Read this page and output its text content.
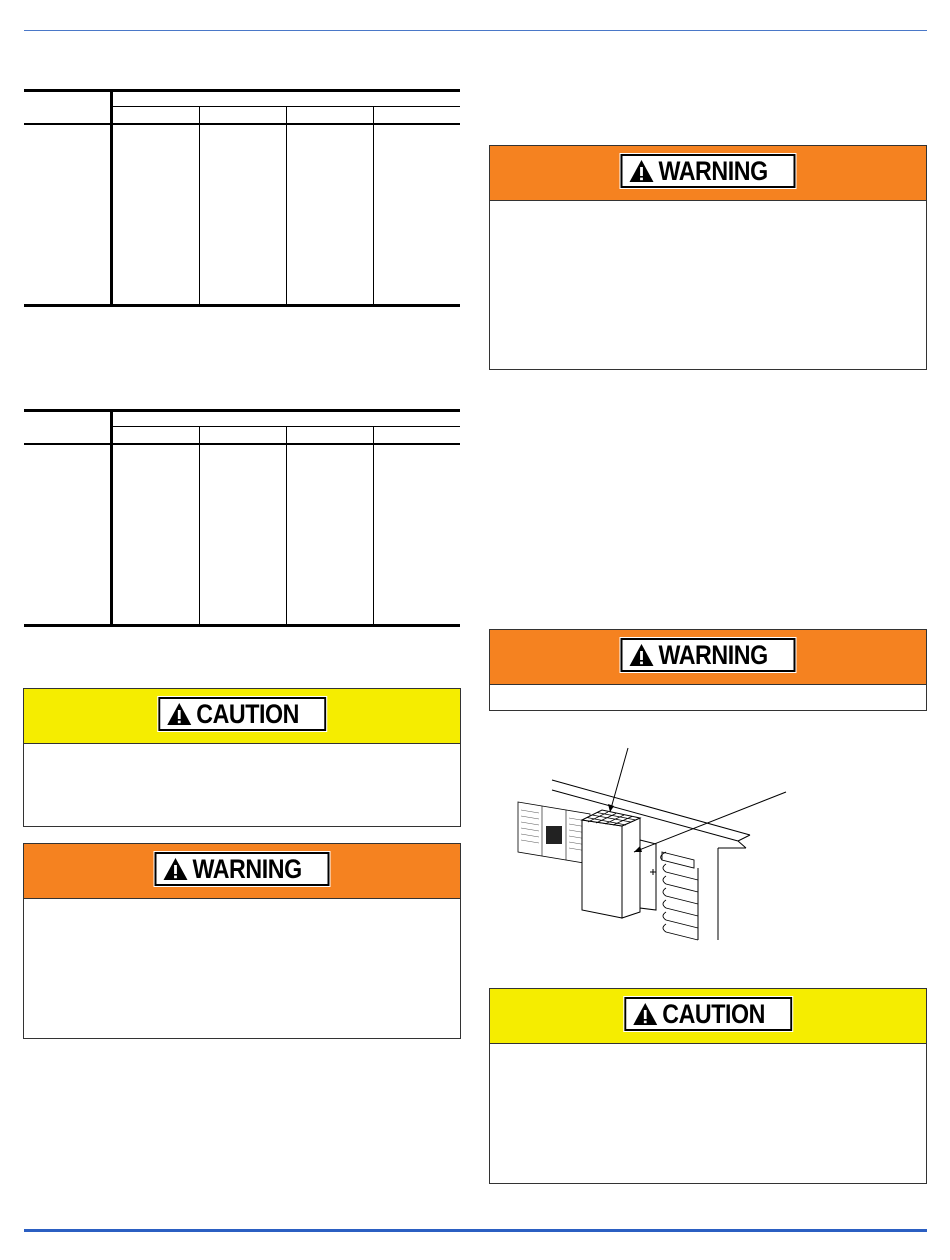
CAUTION
WARNING
WARNING
WARNING
CAUTION
